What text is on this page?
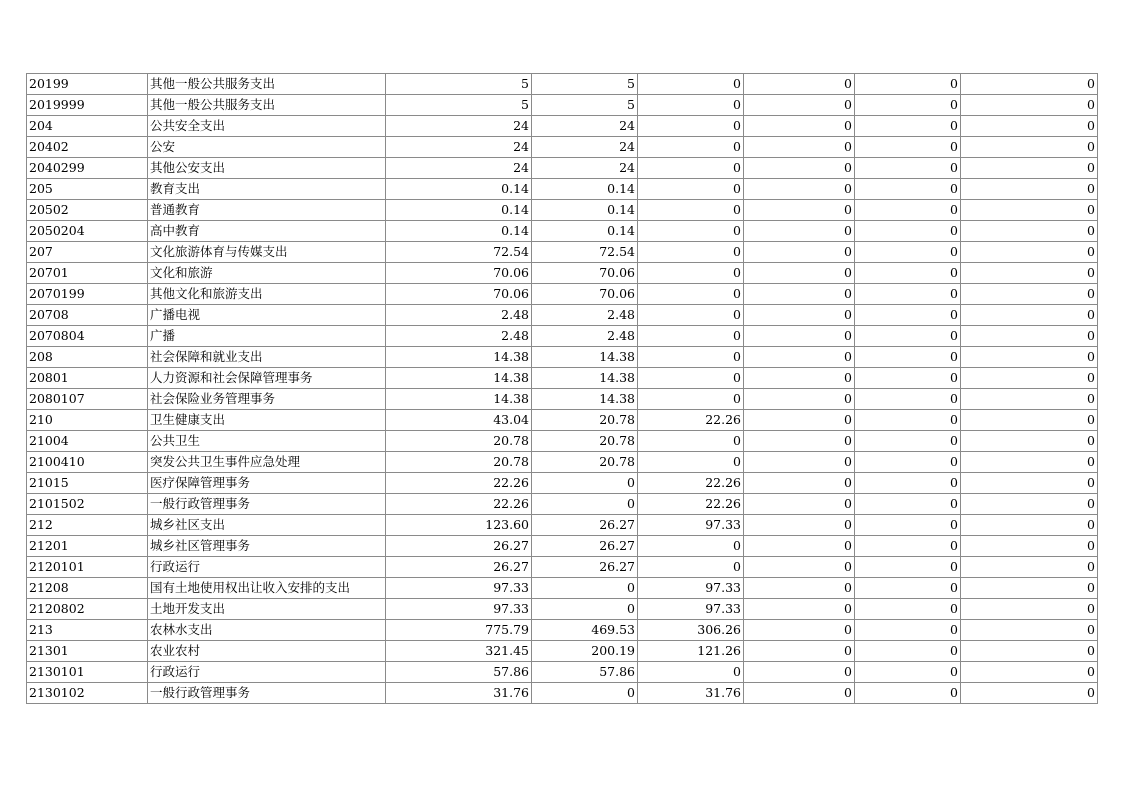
20199	其他一般公共服务支出	5	5	0	0	0	0
2019999	其他一般公共服务支出	5	5	0	0	0	0
204	公共安全支出	24	24	0	0	0	0
20402	公安	24	24	0	0	0	0
2040299	其他公安支出	24	24	0	0	0	0
205	教育支出	0.14	0.14	0	0	0	0
20502	普通教育	0.14	0.14	0	0	0	0
2050204	高中教育	0.14	0.14	0	0	0	0
207	文化旅游体育与传媒支出	72.54	72.54	0	0	0	0
20701	文化和旅游	70.06	70.06	0	0	0	0
2070199	其他文化和旅游支出	70.06	70.06	0	0	0	0
20708	广播电视	2.48	2.48	0	0	0	0
2070804	广播	2.48	2.48	0	0	0	0
208	社会保障和就业支出	14.38	14.38	0	0	0	0
20801	人力资源和社会保障管理事务	14.38	14.38	0	0	0	0
2080107	社会保险业务管理事务	14.38	14.38	0	0	0	0
210	卫生健康支出	43.04	20.78	22.26	0	0	0
21004	公共卫生	20.78	20.78	0	0	0	0
2100410	突发公共卫生事件应急处理	20.78	20.78	0	0	0	0
21015	医疗保障管理事务	22.26	0	22.26	0	0	0
2101502	一般行政管理事务	22.26	0	22.26	0	0	0
212	城乡社区支出	123.60	26.27	97.33	0	0	0
21201	城乡社区管理事务	26.27	26.27	0	0	0	0
2120101	行政运行	26.27	26.27	0	0	0	0
21208	国有土地使用权出让收入安排的支出	97.33	0	97.33	0	0	0
2120802	土地开发支出	97.33	0	97.33	0	0	0
213	农林水支出	775.79	469.53	306.26	0	0	0
21301	农业农村	321.45	200.19	121.26	0	0	0
2130101	行政运行	57.86	57.86	0	0	0	0
2130102	一般行政管理事务	31.76	0	31.76	0	0	0
